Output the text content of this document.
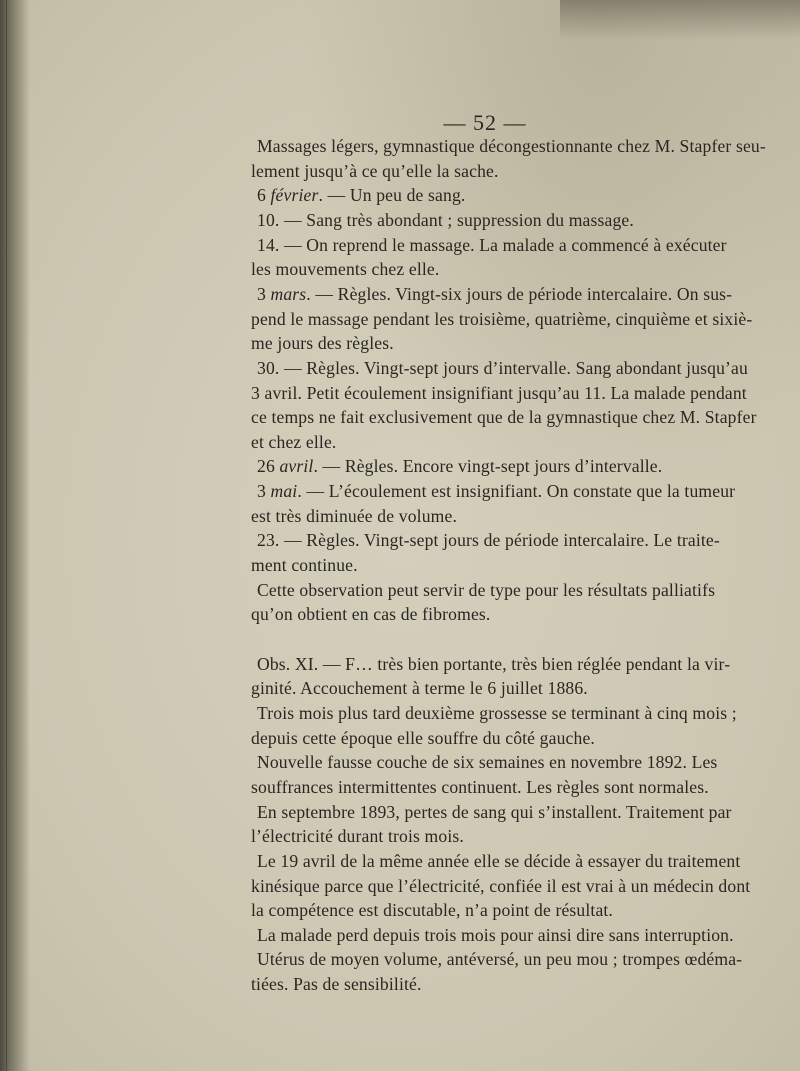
— 52 —
Massages légers, gymnastique décongestionnante chez M. Stapfer seu-
lement jusqu’à ce qu’elle la sache.
6 février. — Un peu de sang.
10. — Sang très abondant ; suppression du massage.
14. — On reprend le massage. La malade a commencé à exécuter
les mouvements chez elle.
3 mars. — Règles. Vingt-six jours de période intercalaire. On sus-
pend le massage pendant les troisième, quatrième, cinquième et sixiè-
me jours des règles.
30. — Règles. Vingt-sept jours d’intervalle. Sang abondant jusqu’au
3 avril. Petit écoulement insignifiant jusqu’au 11. La malade pendant
ce temps ne fait exclusivement que de la gymnastique chez M. Stapfer
et chez elle.
26 avril. — Règles. Encore vingt-sept jours d’intervalle.
3 mai. — L’écoulement est insignifiant. On constate que la tumeur
est très diminuée de volume.
23. — Règles. Vingt-sept jours de période intercalaire. Le traite-
ment continue.
Cette observation peut servir de type pour les résultats palliatifs
qu’on obtient en cas de fibromes.
Obs. XI. — F… très bien portante, très bien réglée pendant la vir-
ginité. Accouchement à terme le 6 juillet 1886.
Trois mois plus tard deuxième grossesse se terminant à cinq mois ;
depuis cette époque elle souffre du côté gauche.
Nouvelle fausse couche de six semaines en novembre 1892. Les
souffrances intermittentes continuent. Les règles sont normales.
En septembre 1893, pertes de sang qui s’installent. Traitement par
l’électricité durant trois mois.
Le 19 avril de la même année elle se décide à essayer du traitement
kinésique parce que l’électricité, confiée il est vrai à un médecin dont
la compétence est discutable, n’a point de résultat.
La malade perd depuis trois mois pour ainsi dire sans interruption.
Utérus de moyen volume, antéversé, un peu mou ; trompes œdéma-
tiées. Pas de sensibilité.
